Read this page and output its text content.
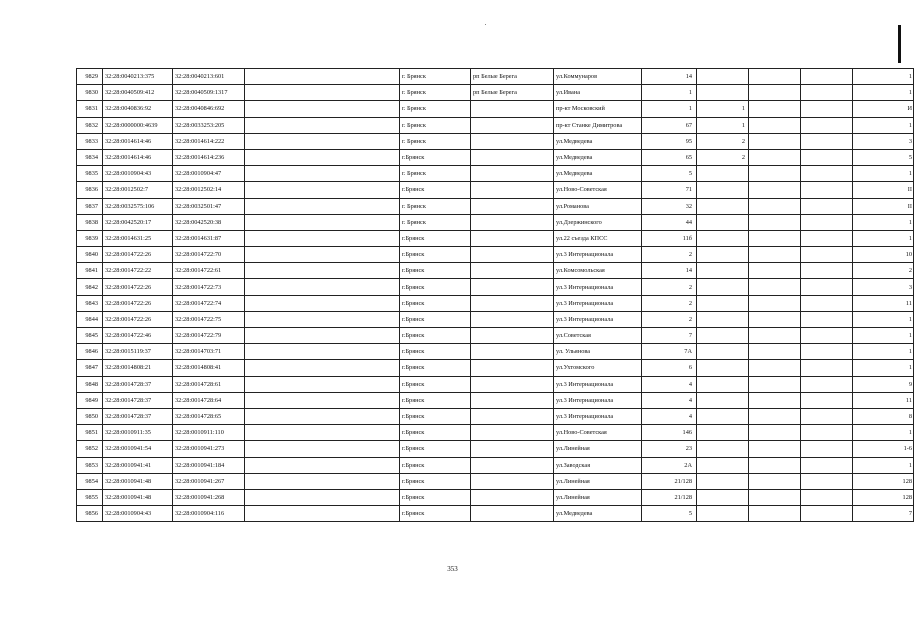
9829	32:28:0040213:375	32:28:0040213:601		г. Брянск	рп Белые Берега	ул.Коммунаров	14				1
9830	32:28:0040509:412	32:28:0040509:1317		г. Брянск	рп Белые Берега	ул.Ивана	1				1
9831	32:28:0040836:92	32:28:0040846:692		г. Брянск		пр-кт Московский	1	1			И
9832	32:28:0000000:4639	32:28:0033253:205		г. Брянск		пр-кт Станке Димитрова	67	1			1
9833	32:28:0014614:46	32:28:0014614:222		г. Брянск		ул.Медведева	95	2			3
9834	32:28:0014614:46	32:28:0014614:236		г.Брянск		ул.Медведева	65	2			5
9835	32:28:0010904:43	32:28:0010904:47		г. Брянск		ул.Медведева	5				1
9836	32:28:0012502:7	32:28:0012502:14		г.Брянск		ул.Ново-Советская	71				II
9837	32:28:0032575:106	32:28:0032501:47		г. Брянск		ул.Романова	32				II
9838	32:28:0042520:17	32:28:0042520:38		г. Брянск		ул.Дзержинского	44				1
9839	32:28:0014631:25	32:28:0014631:87		г.Брянск		ул.22 съезда КПСС	11б				1
9840	32:28:0014722:26	32:28:0014722:70		г.Брянск		ул.3 Интернационала	2				10
9841	32:28:0014722:22	32:28:0014722:61		г.Брянск		ул.Комсомольская	14				2
9842	32:28:0014722:26	32:28:0014722:73		г.Брянск		ул.3 Интернационала	2				3
9843	32:28:0014722:26	32:28:0014722:74		г.Брянск		ул.3 Интернационала	2				11
9844	32:28:0014722:26	32:28:0014722:75		г.Брянск		ул.3 Интернационала	2				1
9845	32:28:0014722:46	32:28:0014722:79		г.Брянск		ул.Советская	7				1
9846	32:28:0015119:37	32:28:0014703:71		г.Брянск		ул. Ульянова	7А				1
9847	32:28:0014808:21	32:28:0014808:41		г.Брянск		ул.Ухтомского	6				1
9848	32:28:0014728:37	32:28:0014728:61		г.Брянск		ул.3 Интернационала	4				9
9849	32:28:0014728:37	32:28:0014728:64		г.Брянск		ул.3 Интернационала	4				11
9850	32:28:0014728:37	32:28:0014728:65		г.Брянск		ул.3 Интернационала	4				8
9851	32:28:0010911:35	32:28:0010911:110		г.Брянск		ул.Ново-Советская	146				1
9852	32:28:0010941:54	32:28:0010941:273		г.Брянск		ул.Линейная	23				1-6
9853	32:28:0010941:41	32:28:0010941:184		г.Брянск		ул.Заводская	2А				1
9854	32:28:0010941:48	32:28:0010941:267		г.Брянск		ул.Линейная	21/128				128
9855	32:28:0010941:48	32:28:0010941:268		г.Брянск		ул.Линейная	21/128				128
9856	32:28:0010904:43	32:28:0010904:116		г.Брянск		ул.Медведева	5				7
353
